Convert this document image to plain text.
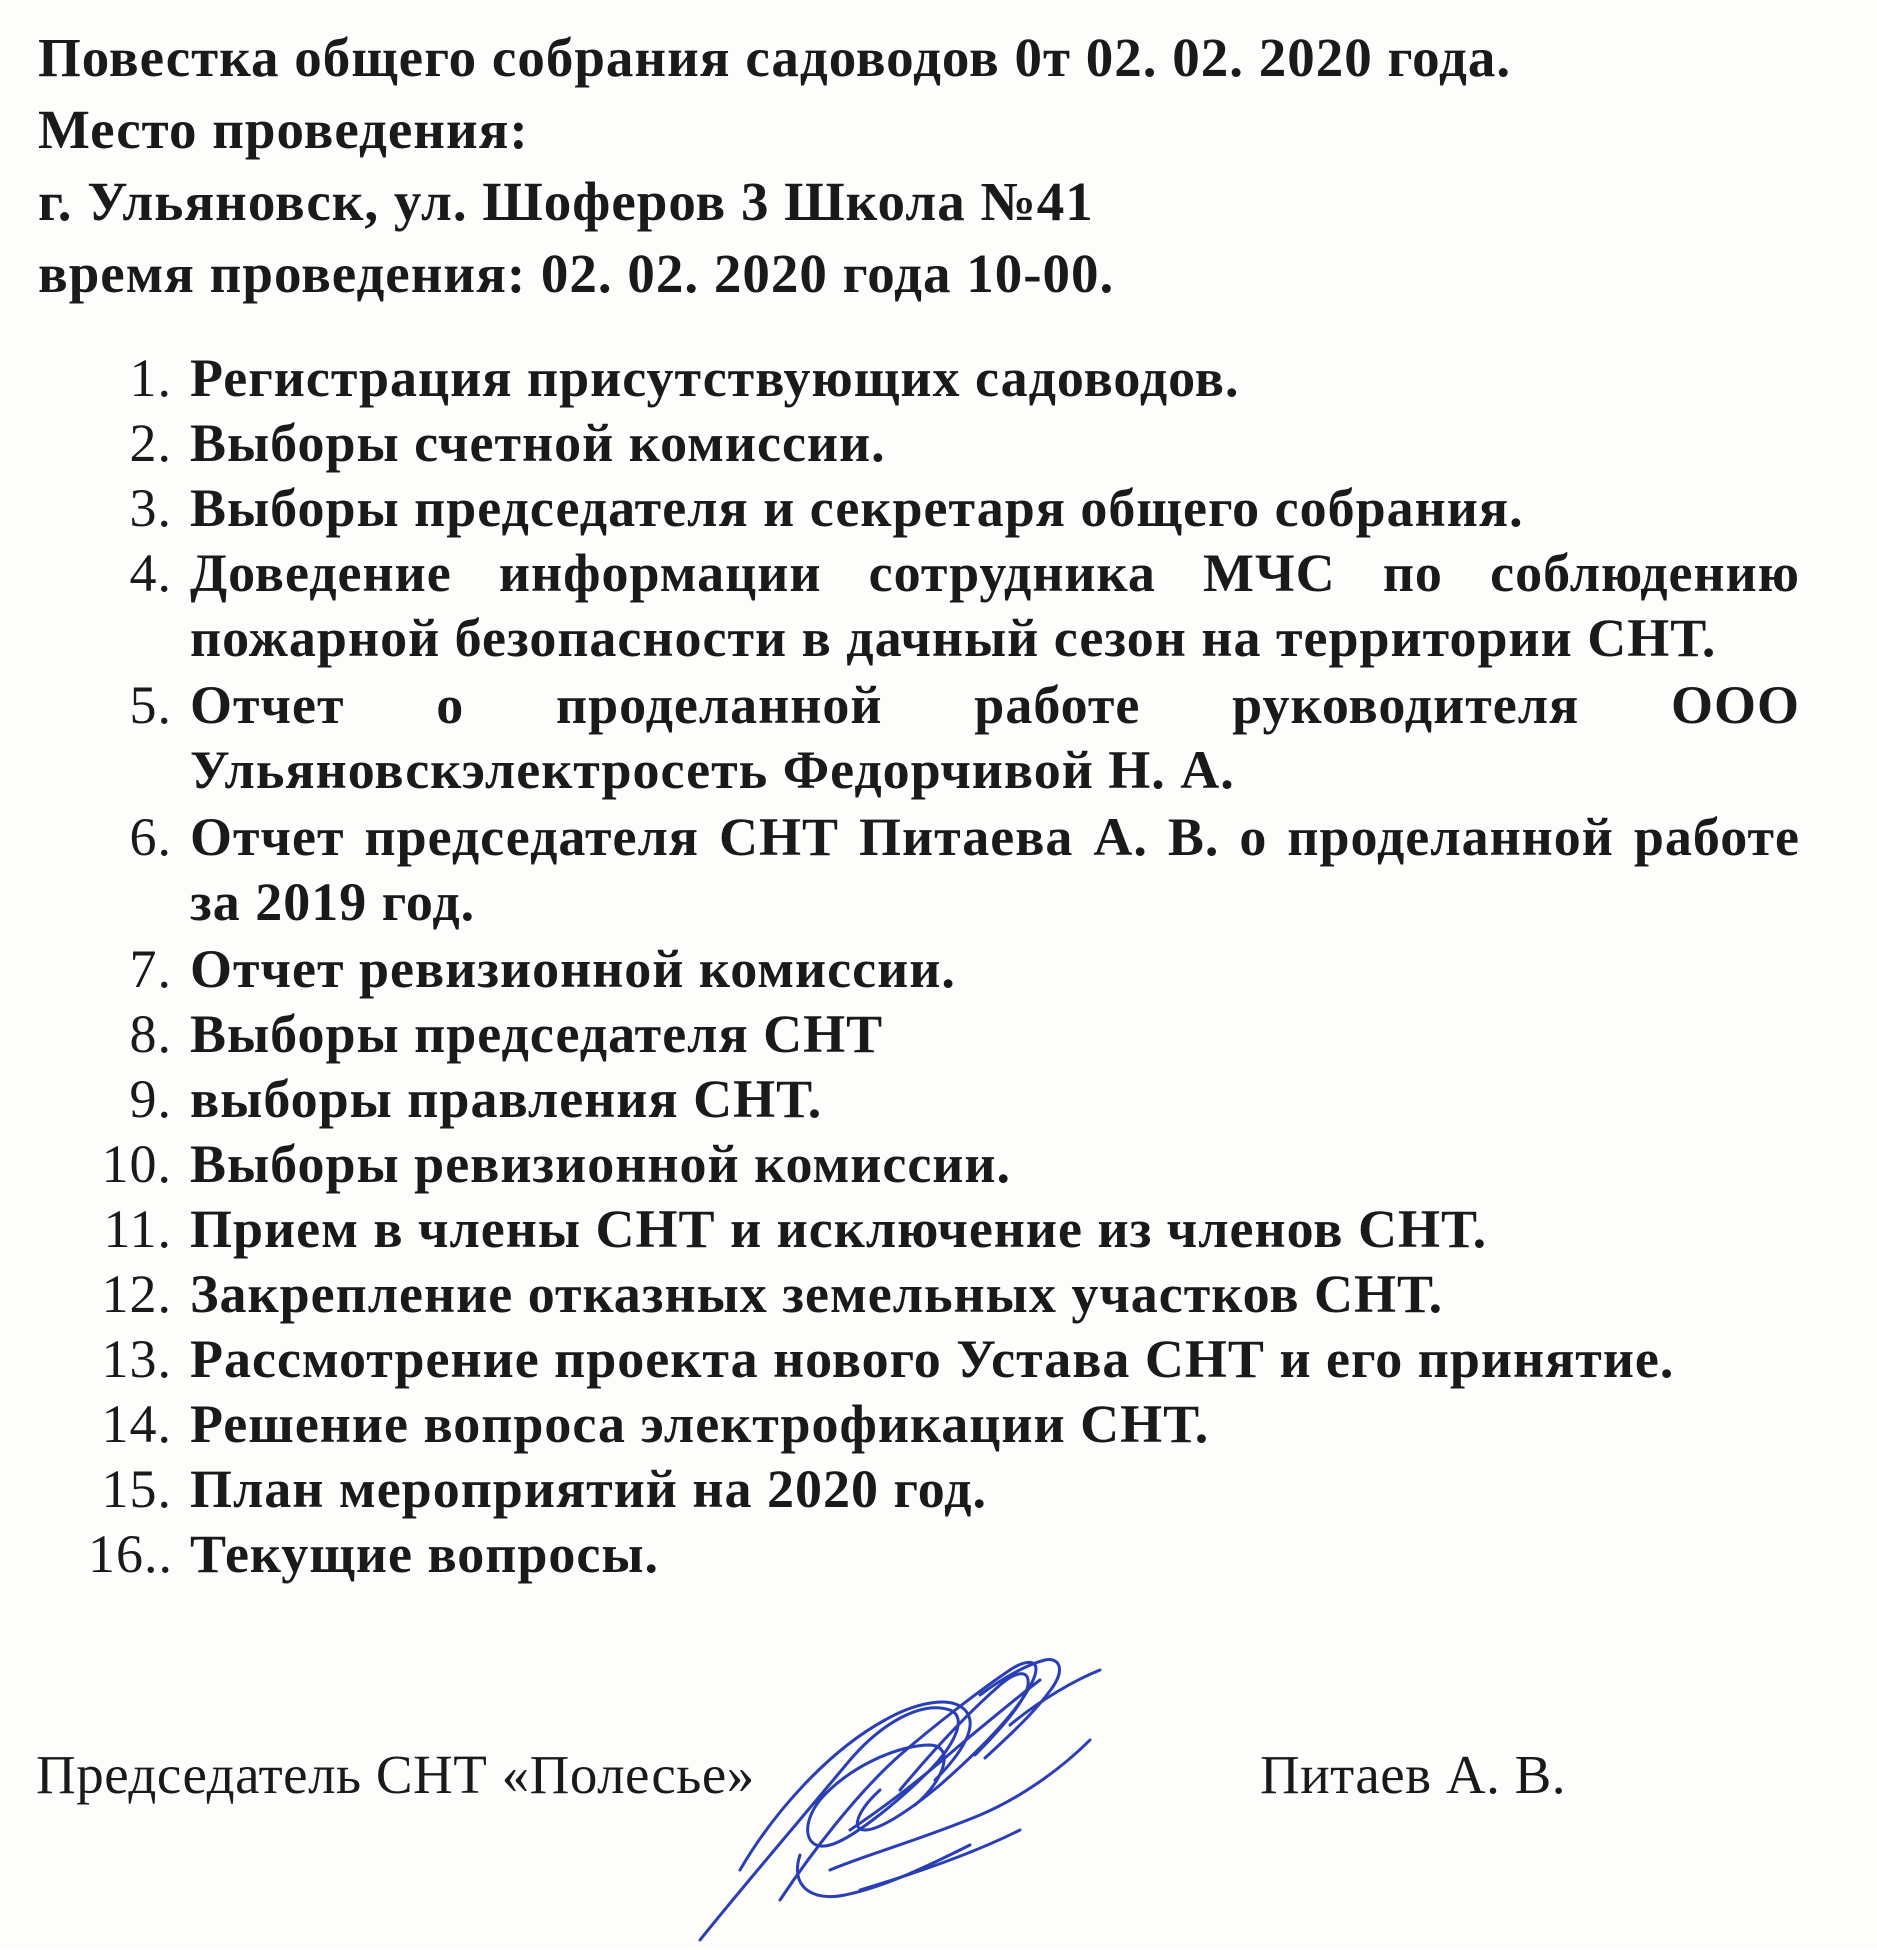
Повестка общего собрания садоводов 0т 02. 02. 2020 года.
Место проведения:
г. Ульяновск, ул. Шоферов 3 Школа №41
время проведения: 02. 02. 2020 года 10-00.
1. Регистрация присутствующих садоводов.
2. Выборы счетной комиссии.
3. Выборы председателя и секретаря общего собрания.
4. Доведение информации сотрудника МЧС по соблюдению пожарной безопасности в дачный сезон на территории СНТ.
5. Отчет о проделанной работе руководителя ООО Ульяновскэлектросеть Федорчивой Н. А.
6. Отчет председателя СНТ Питаева А. В. о проделанной работе за 2019 год.
7. Отчет ревизионной комиссии.
8. Выборы председателя СНТ
9. выборы правления СНТ.
10. Выборы ревизионной комиссии.
11. Прием в члены СНТ и исключение из членов СНТ.
12. Закрепление отказных земельных участков СНТ.
13. Рассмотрение проекта нового Устава СНТ и его принятие.
14. Решение вопроса электрофикации СНТ.
15. План мероприятий на 2020 год.
16.. Текущие вопросы.
Председатель СНТ «Полесье»	Питаев А. В.
